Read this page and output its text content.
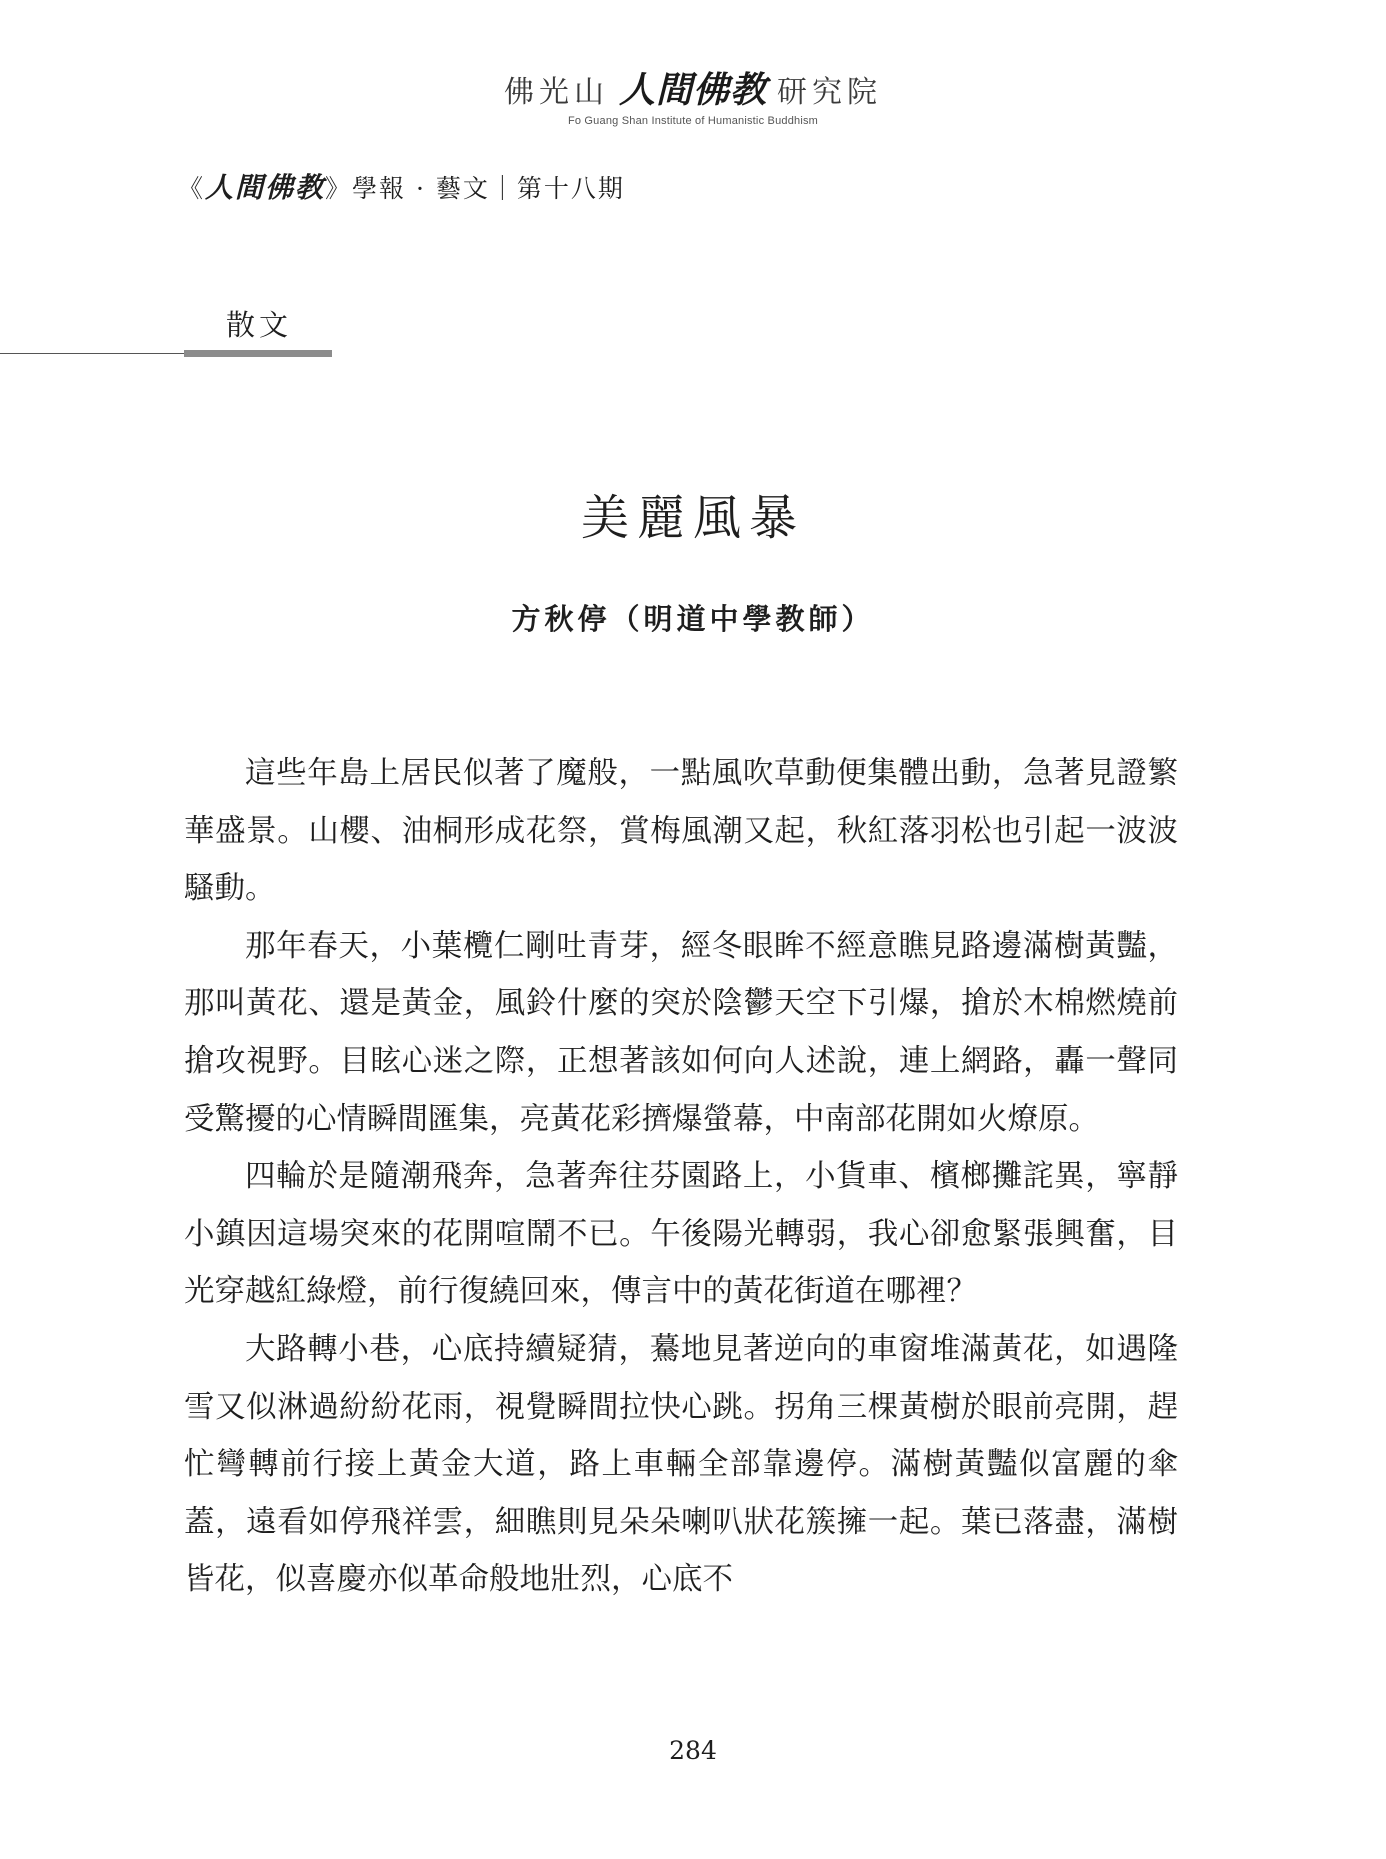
佛光山 人間佛教 研究院
Fo Guang Shan Institute of Humanistic Buddhism
《 人間佛教 》 學報 · 藝文｜第十八期
散文
美麗風暴
方秋停（明道中學教師）

這些年島上居民似著了魔般，一點風吹草動便集體出動，急著見證繁華盛景。山櫻、油桐形成花祭，賞梅風潮又起，秋紅落羽松也引起一波波騷動。

那年春天，小葉欖仁剛吐青芽，經冬眼眸不經意瞧見路邊滿樹黃豔，那叫黃花、還是黃金，風鈴什麼的突於陰鬱天空下引爆，搶於木棉燃燒前搶攻視野。目眩心迷之際，正想著該如何向人述說，連上網路，轟一聲同受驚擾的心情瞬間匯集，亮黃花彩擠爆螢幕，中南部花開如火燎原。

四輪於是隨潮飛奔，急著奔往芬園路上，小貨車、檳榔攤詫異，寧靜小鎮因這場突來的花開喧鬧不已。午後陽光轉弱，我心卻愈緊張興奮，目光穿越紅綠燈，前行復繞回來，傳言中的黃花街道在哪裡？

大路轉小巷，心底持續疑猜，驀地見著逆向的車窗堆滿黃花，如遇隆雪又似淋過紛紛花雨，視覺瞬間拉快心跳。拐角三棵黃樹於眼前亮開，趕忙彎轉前行接上黃金大道，路上車輛全部靠邊停。滿樹黃豔似富麗的傘蓋，遠看如停飛祥雲，細瞧則見朵朵喇叭狀花簇擁一起。葉已落盡，滿樹皆花，似喜慶亦似革命般地壯烈，心底不

284
